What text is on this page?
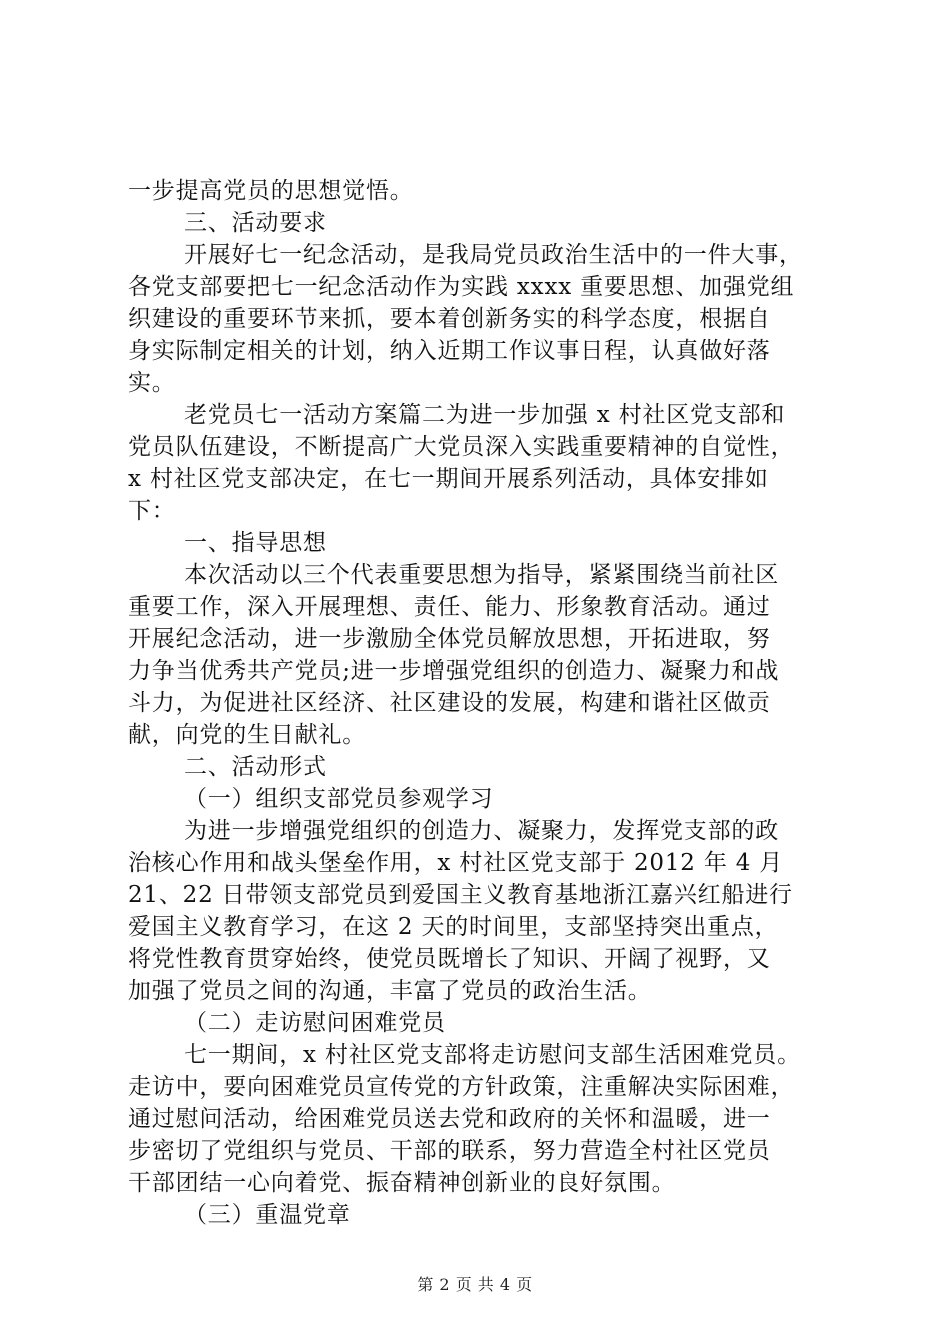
一步提高党员的思想觉悟。
三、活动要求
开展好七一纪念活动，是我局党员政治生活中的一件大事，
各党支部要把七一纪念活动作为实践 xxxx 重要思想、加强党组
织建设的重要环节来抓，要本着创新务实的科学态度，根据自
身实际制定相关的计划，纳入近期工作议事日程，认真做好落
实。
老党员七一活动方案篇二为进一步加强 x 村社区党支部和
党员队伍建设，不断提高广大党员深入实践重要精神的自觉性，
x 村社区党支部决定，在七一期间开展系列活动，具体安排如
下：
一、指导思想
本次活动以三个代表重要思想为指导，紧紧围绕当前社区
重要工作，深入开展理想、责任、能力、形象教育活动。通过
开展纪念活动，进一步激励全体党员解放思想，开拓进取，努
力争当优秀共产党员;进一步增强党组织的创造力、凝聚力和战
斗力，为促进社区经济、社区建设的发展，构建和谐社区做贡
献，向党的生日献礼。
二、活动形式
（一）组织支部党员参观学习
为进一步增强党组织的创造力、凝聚力，发挥党支部的政
治核心作用和战头堡垒作用，x 村社区党支部于 2012 年 4 月
21、22 日带领支部党员到爱国主义教育基地浙江嘉兴红船进行
爱国主义教育学习，在这 2 天的时间里，支部坚持突出重点，
将党性教育贯穿始终，使党员既增长了知识、开阔了视野，又
加强了党员之间的沟通，丰富了党员的政治生活。
（二）走访慰问困难党员
七一期间，x 村社区党支部将走访慰问支部生活困难党员。
走访中，要向困难党员宣传党的方针政策，注重解决实际困难，
通过慰问活动，给困难党员送去党和政府的关怀和温暖，进一
步密切了党组织与党员、干部的联系，努力营造全村社区党员
干部团结一心向着党、振奋精神创新业的良好氛围。
（三）重温党章
第 2 页 共 4 页
